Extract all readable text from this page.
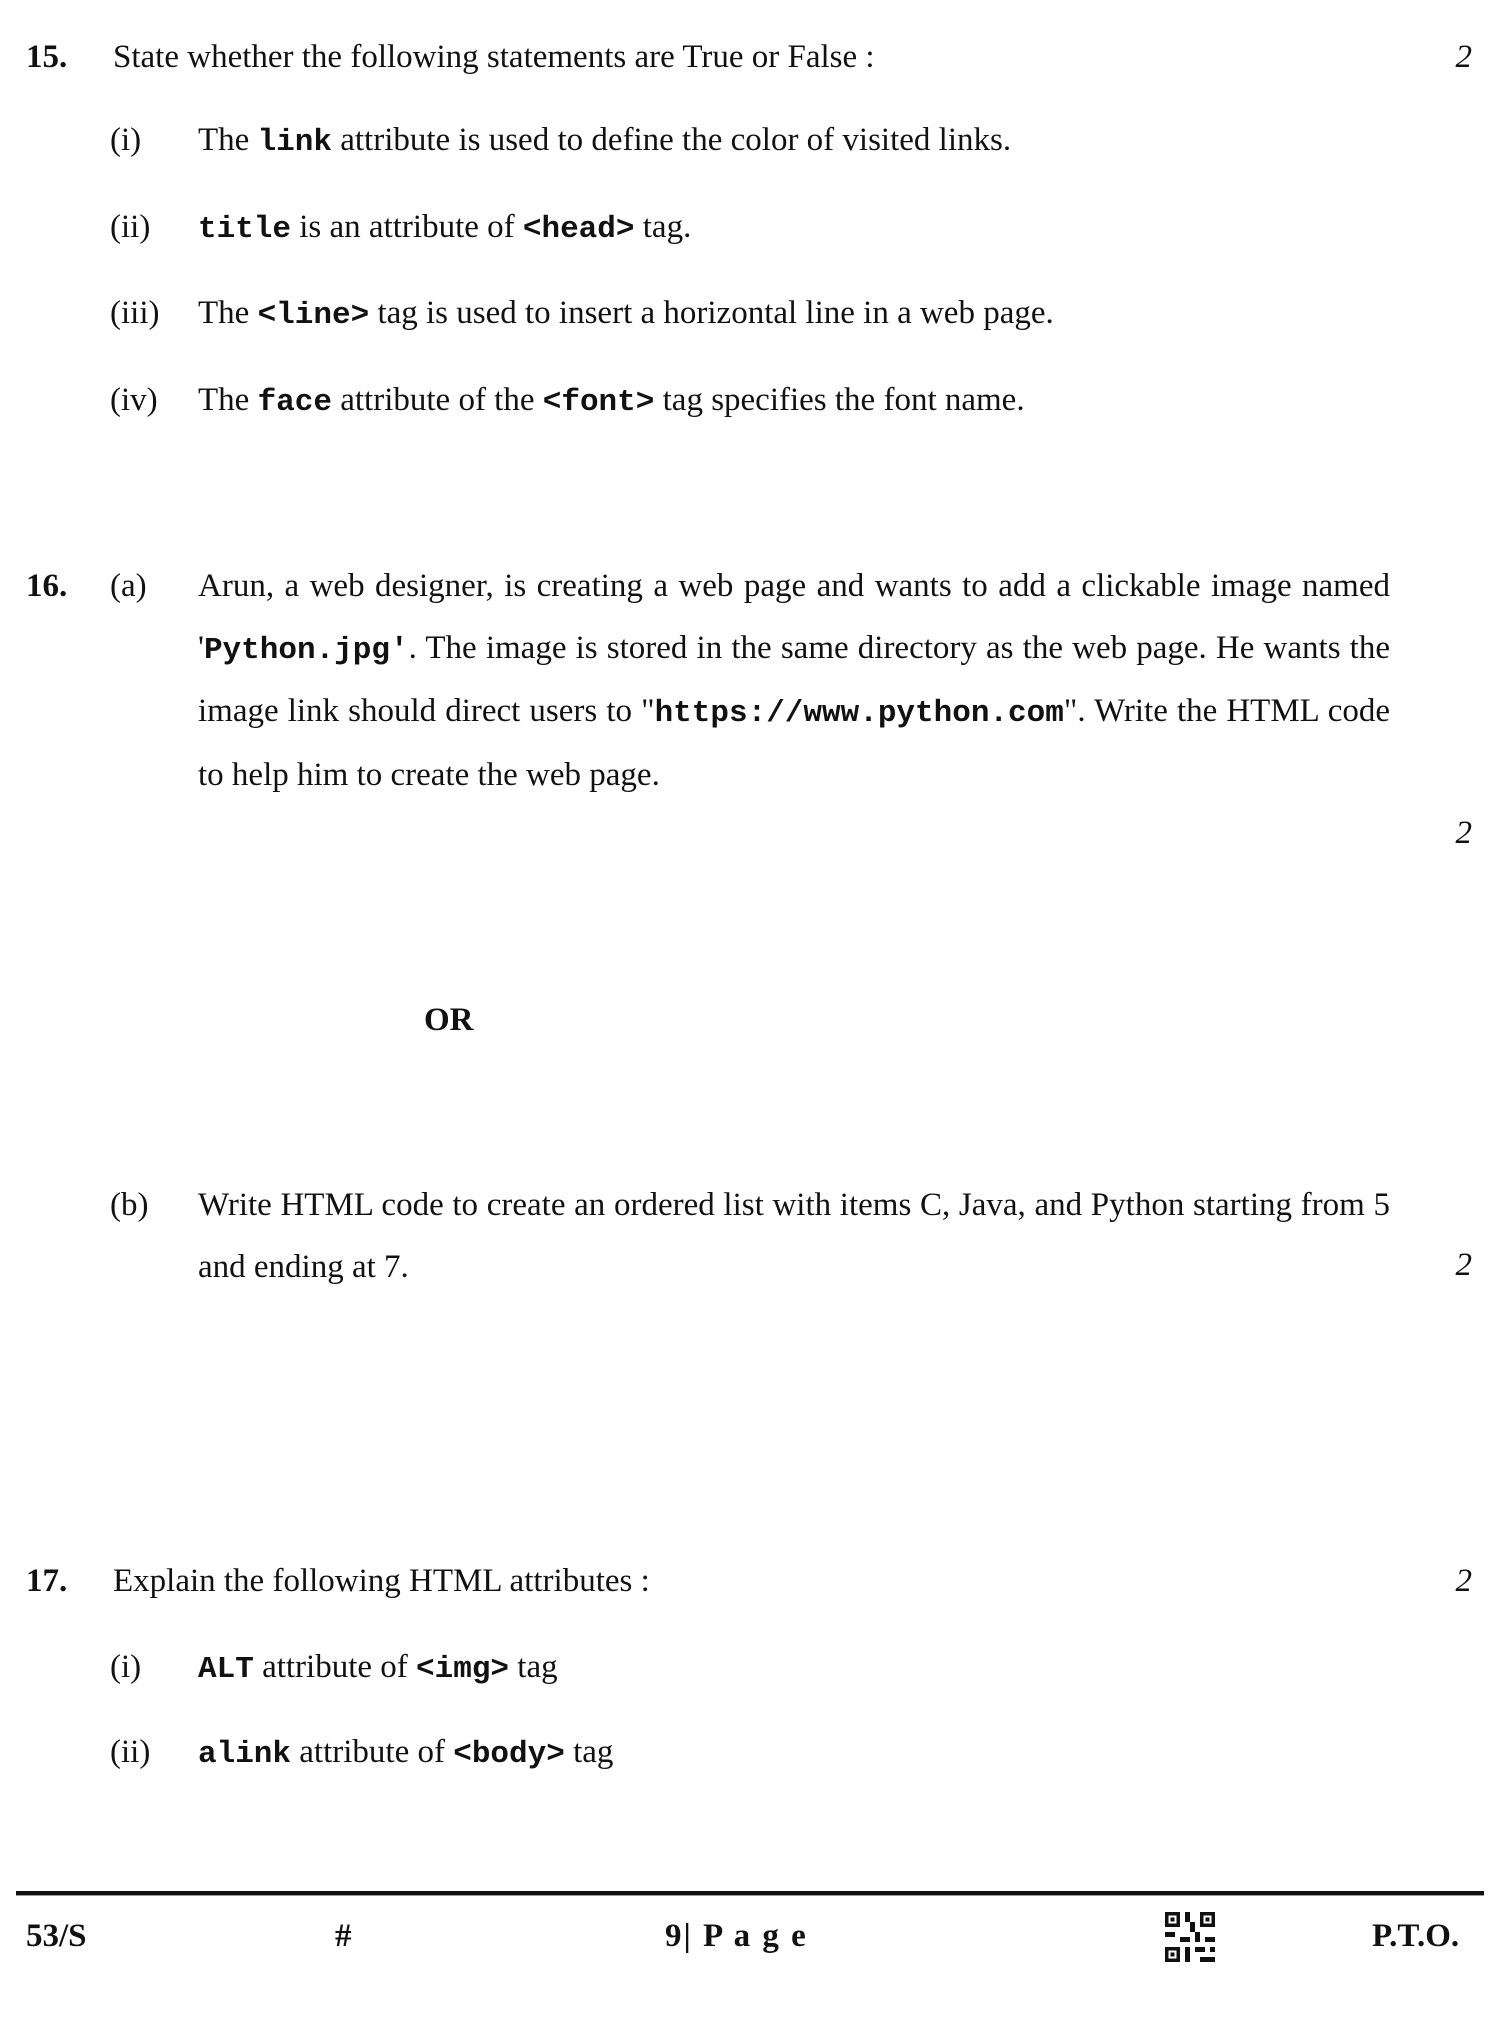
15. State whether the following statements are True or False :	2
(i) The link attribute is used to define the color of visited links.
(ii) title is an attribute of <head> tag.
(iii) The <line> tag is used to insert a horizontal line in a web page.
(iv) The face attribute of the <font> tag specifies the font name.
16. (a) Arun, a web designer, is creating a web page and wants to add a clickable image named 'Python.jpg'. The image is stored in the same directory as the web page. He wants the image link should direct users to "https://www.python.com". Write the HTML code to help him to create the web page.
2
OR
(b) Write HTML code to create an ordered list with items C, Java, and Python starting from 5 and ending at 7.	2
17. Explain the following HTML attributes :	2
(i) ALT attribute of <img> tag
(ii) alink attribute of <body> tag
53/S	#	9| P a g e	P.T.O.
